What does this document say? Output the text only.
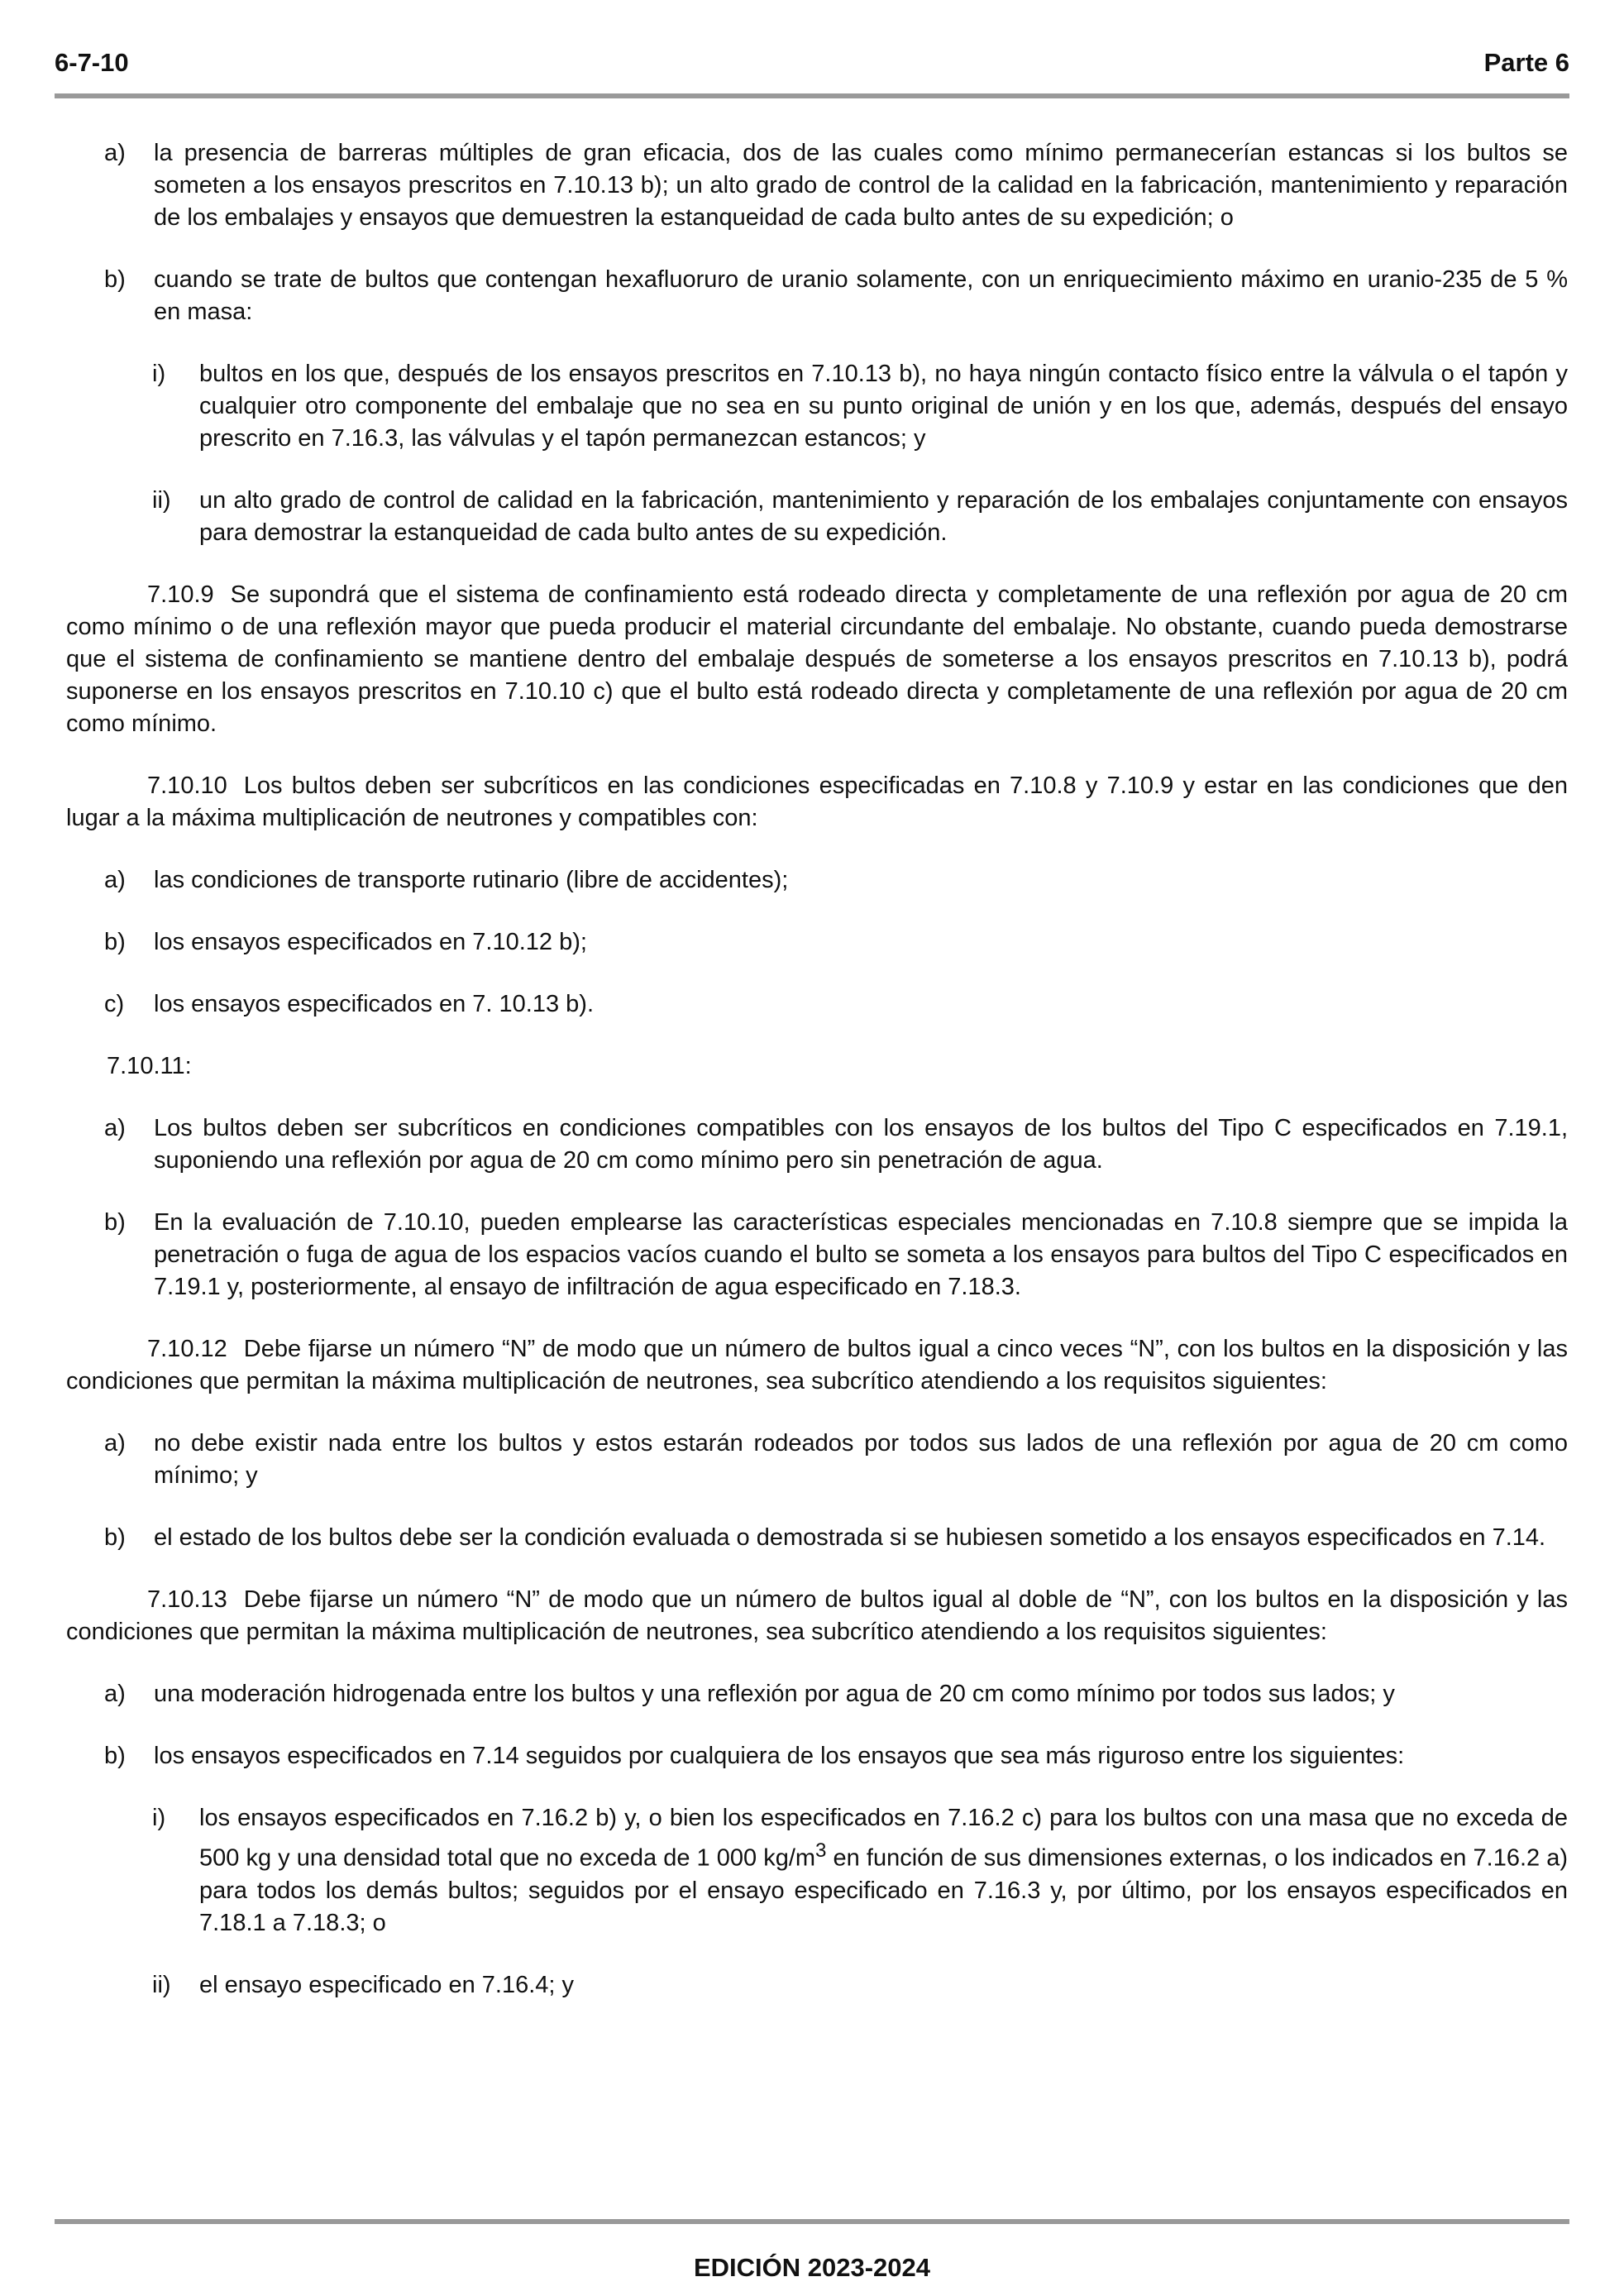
6-7-10	Parte 6
a)	la presencia de barreras múltiples de gran eficacia, dos de las cuales como mínimo permanecerían estancas si los bultos se someten a los ensayos prescritos en 7.10.13 b); un alto grado de control de la calidad en la fabricación, mantenimiento y reparación de los embalajes y ensayos que demuestren la estanqueidad de cada bulto antes de su expedición; o
b)	cuando se trate de bultos que contengan hexafluoruro de uranio solamente, con un enriquecimiento máximo en uranio-235 de 5 % en masa:
i)	bultos en los que, después de los ensayos prescritos en 7.10.13 b), no haya ningún contacto físico entre la válvula o el tapón y cualquier otro componente del embalaje que no sea en su punto original de unión y en los que, además, después del ensayo prescrito en 7.16.3, las válvulas y el tapón permanezcan estancos; y
ii)	un alto grado de control de calidad en la fabricación, mantenimiento y reparación de los embalajes conjuntamente con ensayos para demostrar la estanqueidad de cada bulto antes de su expedición.
7.10.9 Se supondrá que el sistema de confinamiento está rodeado directa y completamente de una reflexión por agua de 20 cm como mínimo o de una reflexión mayor que pueda producir el material circundante del embalaje. No obstante, cuando pueda demostrarse que el sistema de confinamiento se mantiene dentro del embalaje después de someterse a los ensayos prescritos en 7.10.13 b), podrá suponerse en los ensayos prescritos en 7.10.10 c) que el bulto está rodeado directa y completamente de una reflexión por agua de 20 cm como mínimo.
7.10.10 Los bultos deben ser subcríticos en las condiciones especificadas en 7.10.8 y 7.10.9 y estar en las condiciones que den lugar a la máxima multiplicación de neutrones y compatibles con:
a)	las condiciones de transporte rutinario (libre de accidentes);
b)	los ensayos especificados en 7.10.12 b);
c)	los ensayos especificados en 7. 10.13 b).
7.10.11:
a)	Los bultos deben ser subcríticos en condiciones compatibles con los ensayos de los bultos del Tipo C especificados en 7.19.1, suponiendo una reflexión por agua de 20 cm como mínimo pero sin penetración de agua.
b)	En la evaluación de 7.10.10, pueden emplearse las características especiales mencionadas en 7.10.8 siempre que se impida la penetración o fuga de agua de los espacios vacíos cuando el bulto se someta a los ensayos para bultos del Tipo C especificados en 7.19.1 y, posteriormente, al ensayo de infiltración de agua especificado en 7.18.3.
7.10.12 Debe fijarse un número “N” de modo que un número de bultos igual a cinco veces “N”, con los bultos en la disposición y las condiciones que permitan la máxima multiplicación de neutrones, sea subcrítico atendiendo a los requisitos siguientes:
a)	no debe existir nada entre los bultos y estos estarán rodeados por todos sus lados de una reflexión por agua de 20 cm como mínimo; y
b)	el estado de los bultos debe ser la condición evaluada o demostrada si se hubiesen sometido a los ensayos especificados en 7.14.
7.10.13 Debe fijarse un número “N” de modo que un número de bultos igual al doble de “N”, con los bultos en la disposición y las condiciones que permitan la máxima multiplicación de neutrones, sea subcrítico atendiendo a los requisitos siguientes:
a)	una moderación hidrogenada entre los bultos y una reflexión por agua de 20 cm como mínimo por todos sus lados; y
b)	los ensayos especificados en 7.14 seguidos por cualquiera de los ensayos que sea más riguroso entre los siguientes:
i)	los ensayos especificados en 7.16.2 b) y, o bien los especificados en 7.16.2 c) para los bultos con una masa que no exceda de 500 kg y una densidad total que no exceda de 1 000 $kg/m^3$ en función de sus dimensiones externas, o los indicados en 7.16.2 a) para todos los demás bultos; seguidos por el ensayo especificado en 7.16.3 y, por último, por los ensayos especificados en 7.18.1 a 7.18.3; o
ii)	el ensayo especificado en 7.16.4; y
EDICIÓN 2023-2024
